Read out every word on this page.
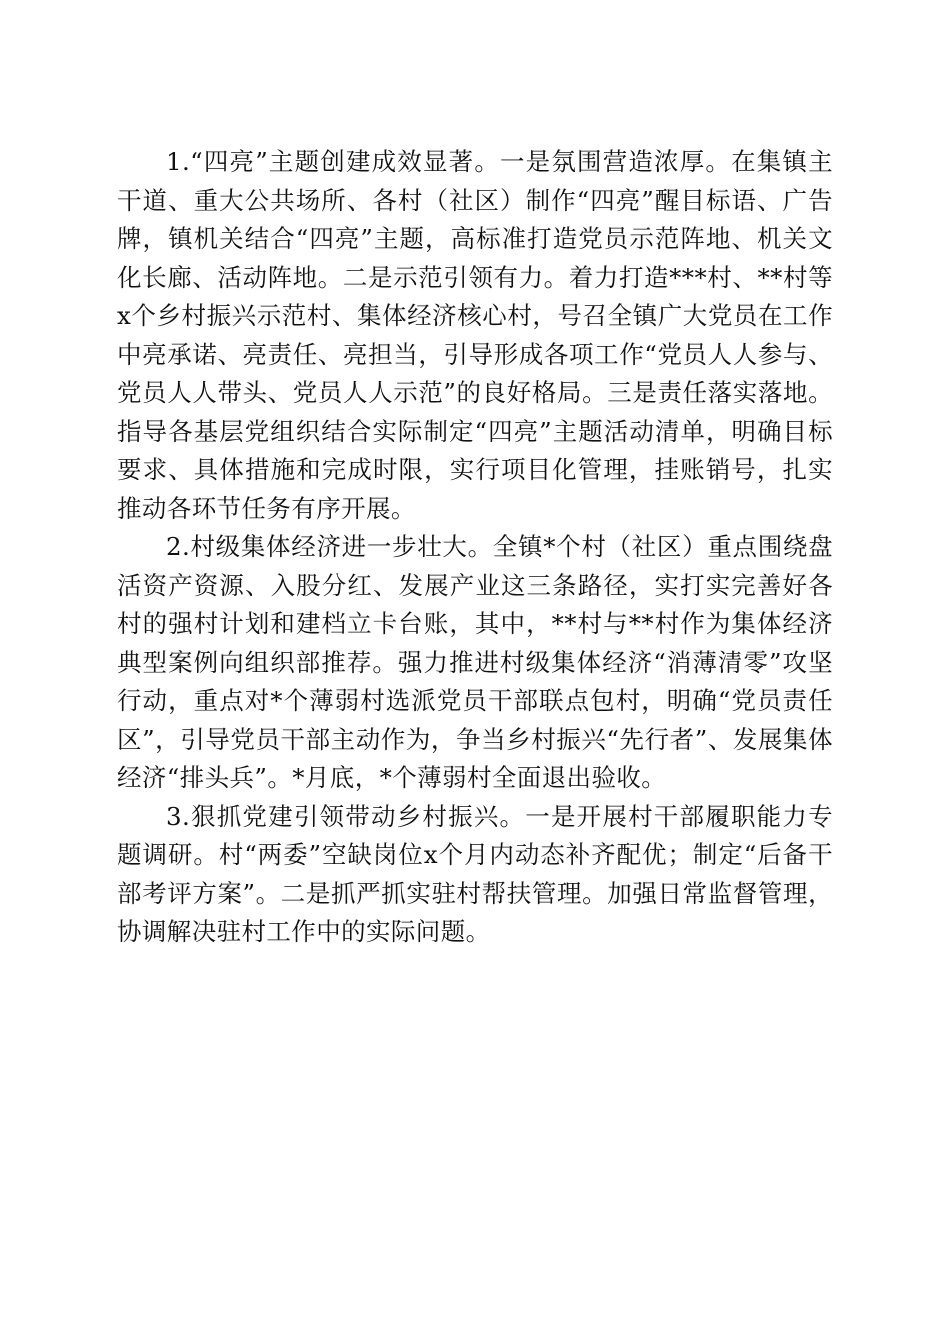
1.“四亮”主题创建成效显著。一是氛围营造浓厚。在集镇主干道、重大公共场所、各村（社区）制作“四亮”醒目标语、广告牌，镇机关结合“四亮”主题，高标准打造党员示范阵地、机关文化长廊、活动阵地。二是示范引领有力。着力打造***村、**村等x个乡村振兴示范村、集体经济核心村，号召全镇广大党员在工作中亮承诺、亮责任、亮担当，引导形成各项工作“党员人人参与、党员人人带头、党员人人示范”的良好格局。三是责任落实落地。指导各基层党组织结合实际制定“四亮”主题活动清单，明确目标要求、具体措施和完成时限，实行项目化管理，挂账销号，扎实推动各环节任务有序开展。

2.村级集体经济进一步壮大。全镇*个村（社区）重点围绕盘活资产资源、入股分红、发展产业这三条路径，实打实完善好各村的强村计划和建档立卡台账，其中，**村与**村作为集体经济典型案例向组织部推荐。强力推进村级集体经济“消薄清零”攻坚行动，重点对*个薄弱村选派党员干部联点包村，明确“党员责任区”，引导党员干部主动作为，争当乡村振兴“先行者”、发展集体经济“排头兵”。*月底，*个薄弱村全面退出验收。

3.狠抓党建引领带动乡村振兴。一是开展村干部履职能力专题调研。村“两委”空缺岗位x个月内动态补齐配优；制定“后备干部考评方案”。二是抓严抓实驻村帮扶管理。加强日常监督管理，协调解决驻村工作中的实际问题。
